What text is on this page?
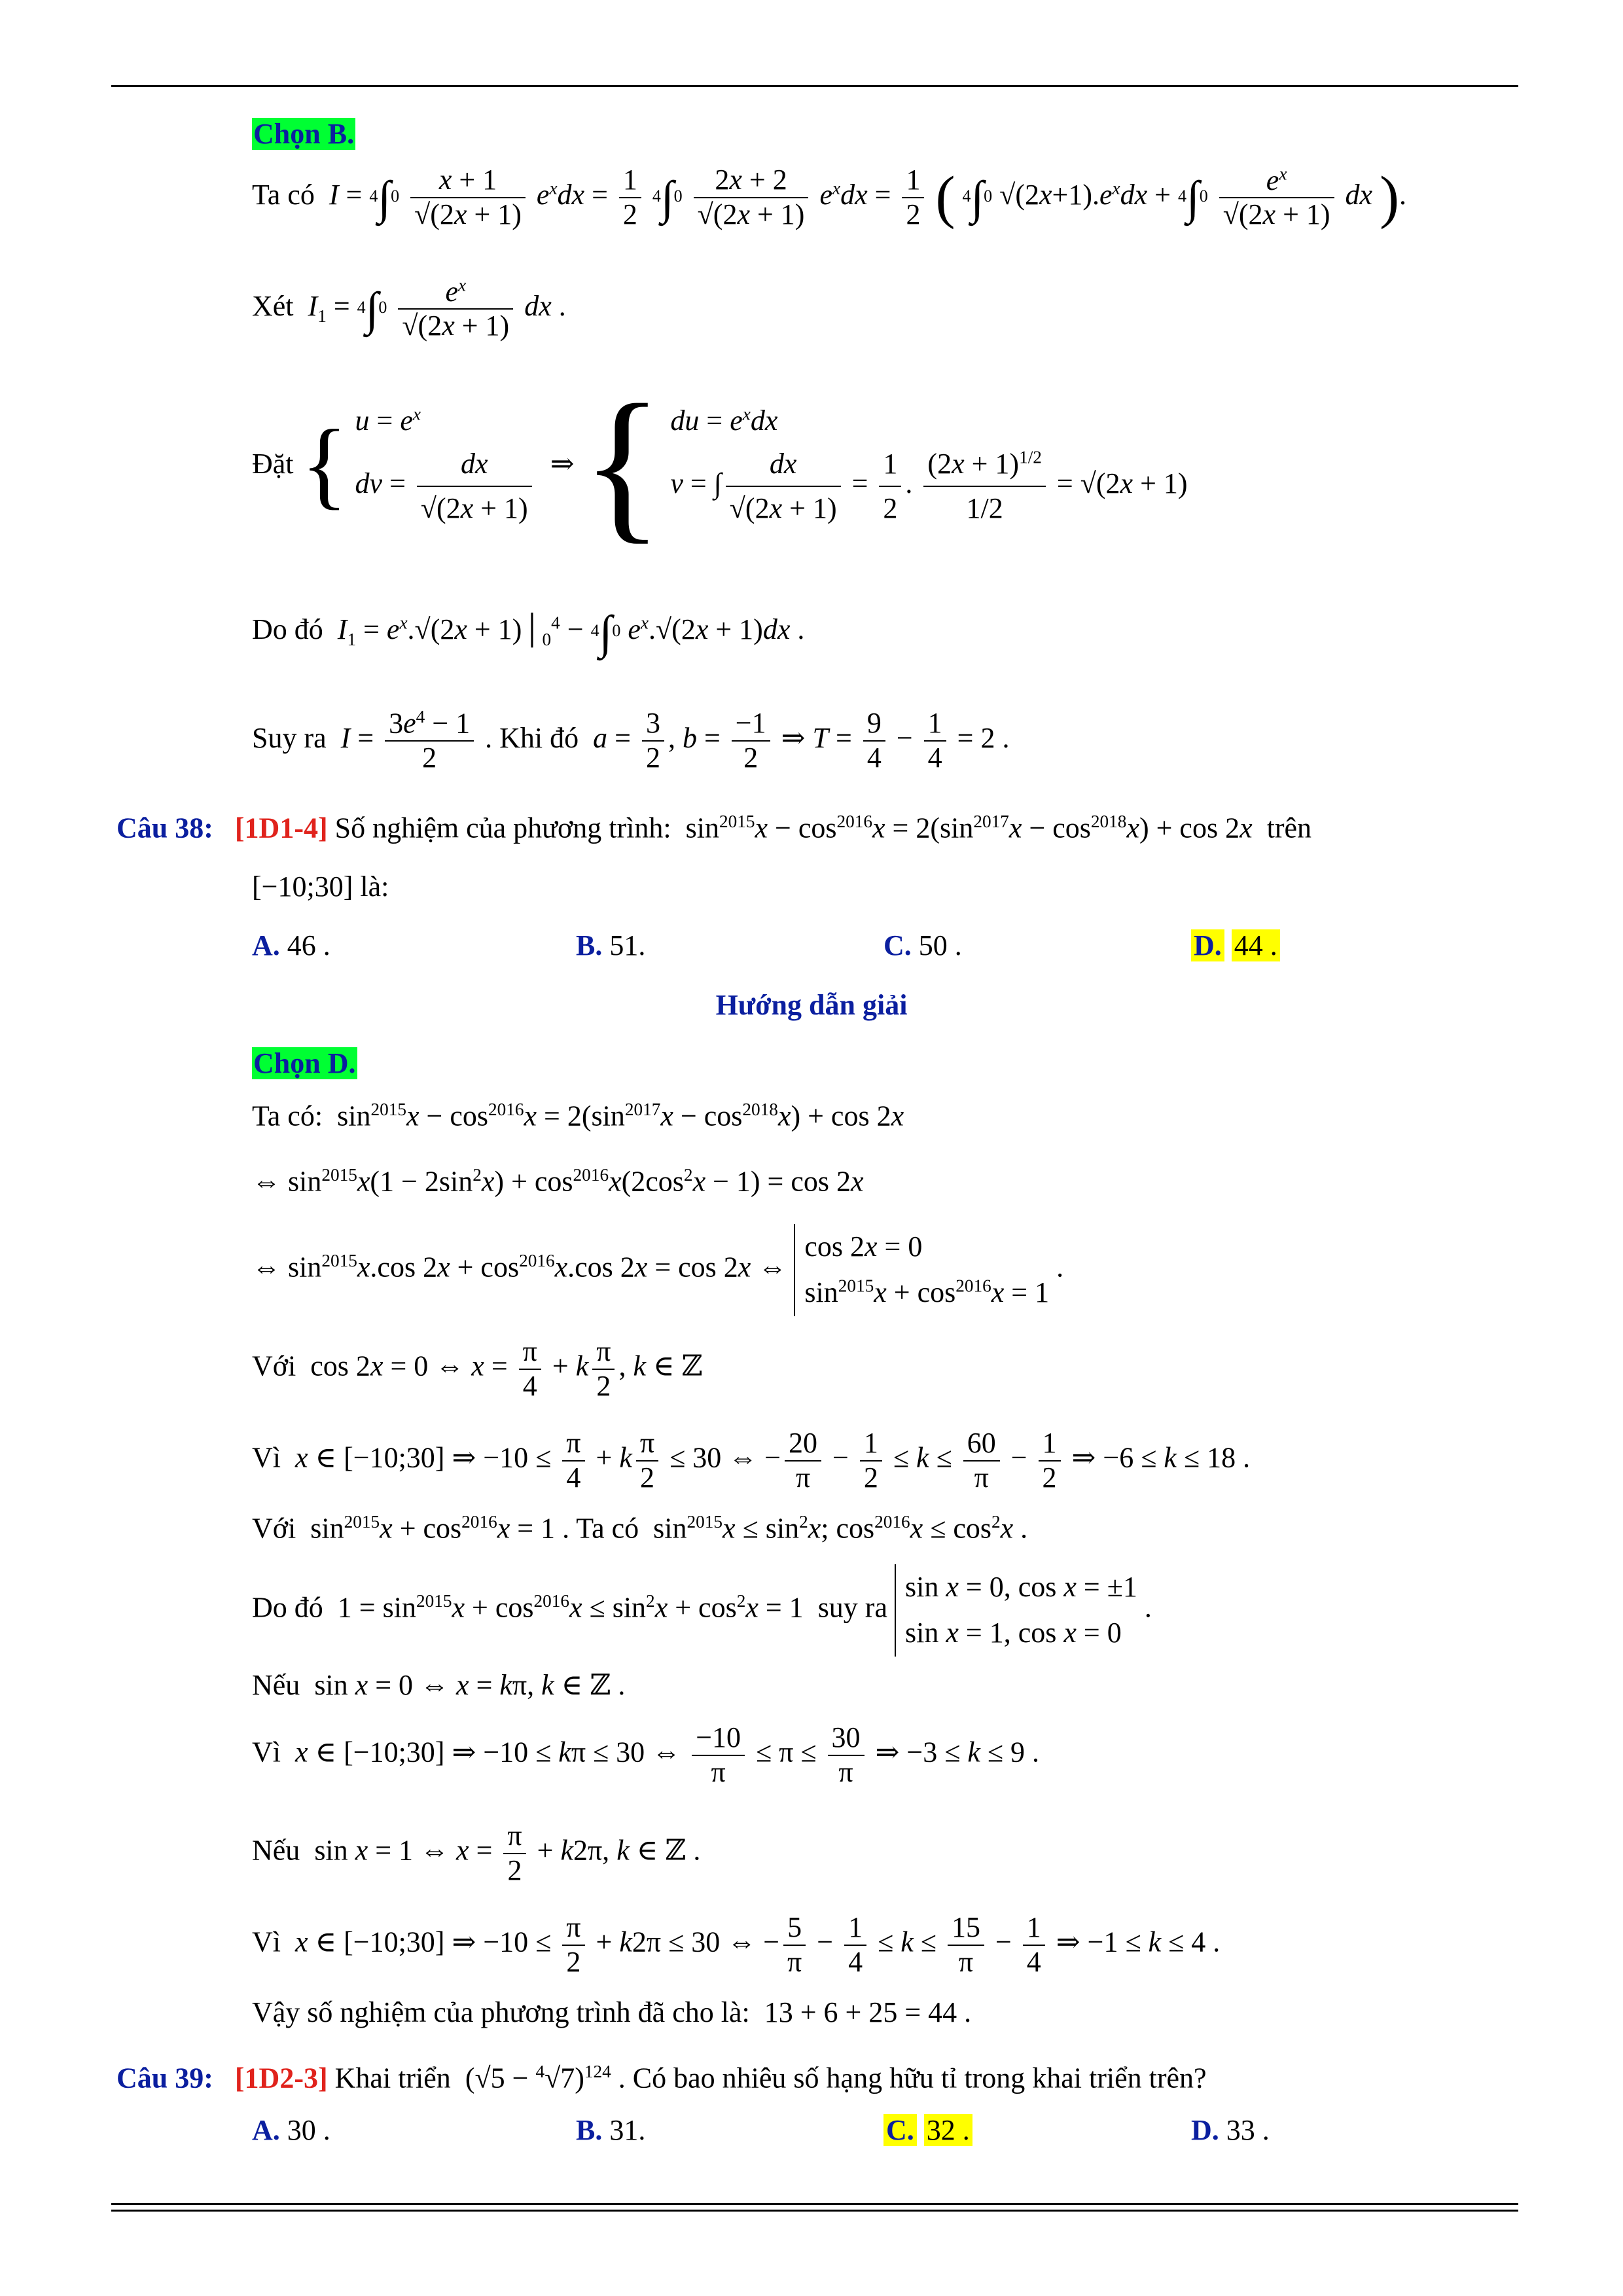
Chọn B.
Ta có  $I = 4\int 0 \frac{x + 1}{√(2x + 1)} e^xdx = \frac{1}{2} 4\int 0 \frac{2x + 2}{√(2x + 1)} e^xdx = \frac{1}{2}$ ( 4∫0 $√(2x+1).e^xdx + 4\int 0 \frac{e^x}{√(2x + 1)}$ dx ).
Xét  $I_1 = 4\int 0 \frac{e^x}{√(2x + 1)}$ dx .
Đặt { $u = e^x$
dv = $\frac{dx}{√(2x + 1)}$ ⇒ { du = $e^xdx$
v = ∫ $\frac{dx}{√(2x + 1)} = \frac{1}{2}$ . $\frac{(2x + 1)^{1/2}}{1/2} = √(2x + 1)$
Do đó  $I_1 = e^x.√(2x$ + $1)│_0^4 - 4\int 0$ $e^x.√(2x + 1)dx$ .
Suy ra  $I = \frac{3e^4 - 1}{2}$ . Khi đó  $a = \frac{3}{2}$ , $b = \frac{-1}{2}$ ⇒ $T = \frac{9}{4} - \frac{1}{4} = 2$ .
Câu 38: [1D1-4] Số nghiệm của phương trình:  $\sin^{2015}x - \cos^{2016}x = 2(\sin^{2017}x - \cos^{2018}x) + \cos 2x$ trên
[−10;30] là:
A. 46 .	B. 51.	C. 50 .	D. 44 .
Hướng dẫn giải
Chọn D.
Ta có:  $\sin^{2015}x - \cos^{2016}x = 2(\sin^{2017}x - \cos^{2018}x) + \cos 2x$
⇔ $\sin^{2015}x(1 - 2\sin^2x) + \cos^{2016}x(2\cos^2x - 1) = \cos 2x$
⇔ $\sin^{2015}x.\cos$ $2x + \cos^{2016}x.\cos$ 2x = cos 2x ⇔
cos 2x = 0
$\sin^{2015}x + \cos^{2016}x = 1$
.
Với  cos 2x = 0 ⇔ $x = \frac{\pi}{4} + k \frac{\pi}{2}$ , k ∈ ℤ
Vì x ∈ [−10;30] ⇒ $-10 \le \frac{\pi}{4} + k \frac{\pi}{2} \le 30$ ⇔ − $\frac{20}{\pi} - \frac{1}{2} \le k \le \frac{60}{\pi} - \frac{1}{2}$ ⇒ −6 ≤ k ≤ 18 .
Với  $\sin^{2015}x + \cos^{2016}x = 1$ . Ta có  $\sin^{2015}x \le \sin^2x$; $\cos^{2016}x \le \cos^2x$ .
Do đó  $1 = \sin^{2015}x + \cos^{2016}x \le \sin^2x + \cos^2x = 1$  suy ra
sin x = 0, cos x = ±1
sin x = 1, cos x = 0
.
Nếu  sin x = 0 ⇔ x = kπ, k ∈ ℤ .
Vì x ∈ [−10;30] ⇒ −10 ≤ kπ ≤ 30 ⇔ $\frac{-10}{\pi} \le \pi \le \frac{30}{\pi}$ ⇒ −3 ≤ k ≤ 9 .
Nếu  sin x = 1 ⇔ $x = \frac{\pi}{2} + k2\pi$, k ∈ ℤ .
Vì x ∈ [−10;30] ⇒ $-10 \le \frac{\pi}{2} + k2\pi \le 30$ ⇔ − $\frac{5}{\pi} - \frac{1}{4} \le k \le \frac{15}{\pi} - \frac{1}{4}$ ⇒ −1 ≤ k ≤ 4 .
Vậy số nghiệm của phương trình đã cho là:  13 + 6 + 25 = 44 .
Câu 39: [1D2-3] Khai triển  $(√5 - ^4√7)^{124}$ . Có bao nhiêu số hạng hữu tỉ trong khai triển trên?
A. 30 .	B. 31.	C. 32 .	D. 33 .
